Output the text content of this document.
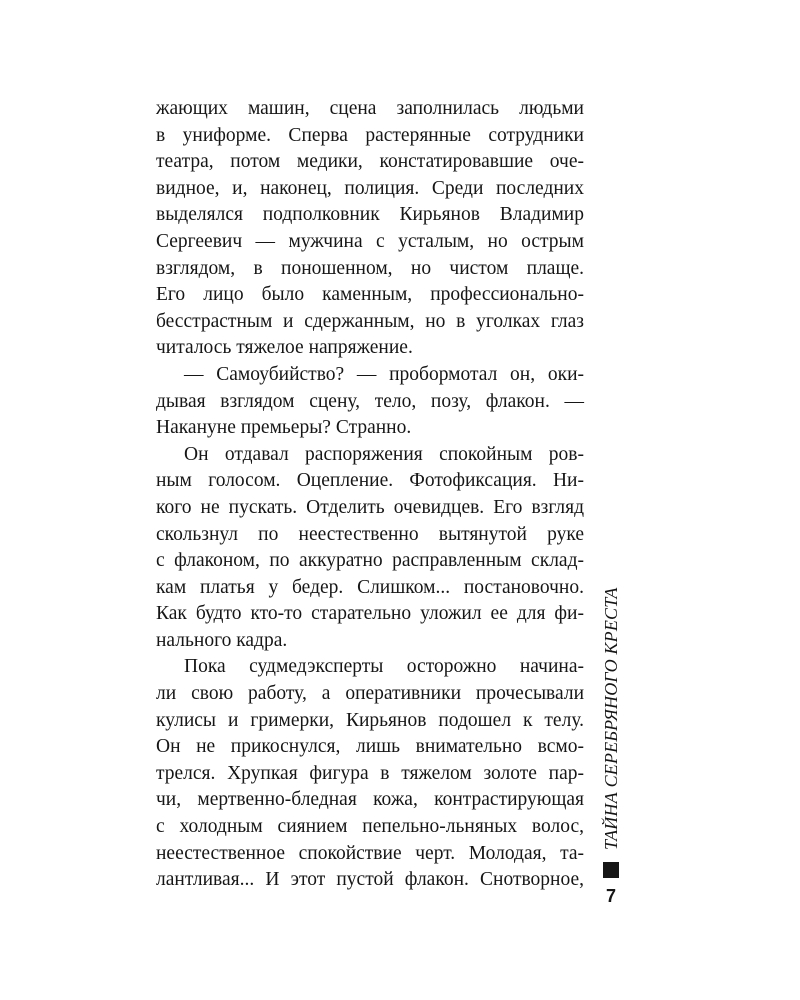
жающих машин, сцена заполнилась людьми
в униформе. Сперва растерянные сотрудники
театра, потом медики, констатировавшие оче-
видное, и, наконец, полиция. Среди последних
выделялся подполковник Кирьянов Владимир
Сергеевич — мужчина с усталым, но острым
взглядом, в поношенном, но чистом плаще.
Его лицо было каменным, профессионально-
бесстрастным и сдержанным, но в уголках глаз
читалось тяжелое напряжение.
— Самоубийство? — пробормотал он, оки-
дывая взглядом сцену, тело, позу, флакон. —
Накануне премьеры? Странно.
Он отдавал распоряжения спокойным ров-
ным голосом. Оцепление. Фотофиксация. Ни-
кого не пускать. Отделить очевидцев. Его взгляд
скользнул по неестественно вытянутой руке
с флаконом, по аккуратно расправленным склад-
кам платья у бедер. Слишком... постановочно.
Как будто кто-то старательно уложил ее для фи-
нального кадра.
Пока судмедэксперты осторожно начина-
ли свою работу, а оперативники прочесывали
кулисы и гримерки, Кирьянов подошел к телу.
Он не прикоснулся, лишь внимательно всмо-
трелся. Хрупкая фигура в тяжелом золоте пар-
чи, мертвенно-бледная кожа, контрастирующая
с холодным сиянием пепельно-льняных волос,
неестественное спокойствие черт. Молодая, та-
лантливая... И этот пустой флакон. Снотворное,
ТАЙНА СЕРЕБРЯНОГО КРЕСТА
7
